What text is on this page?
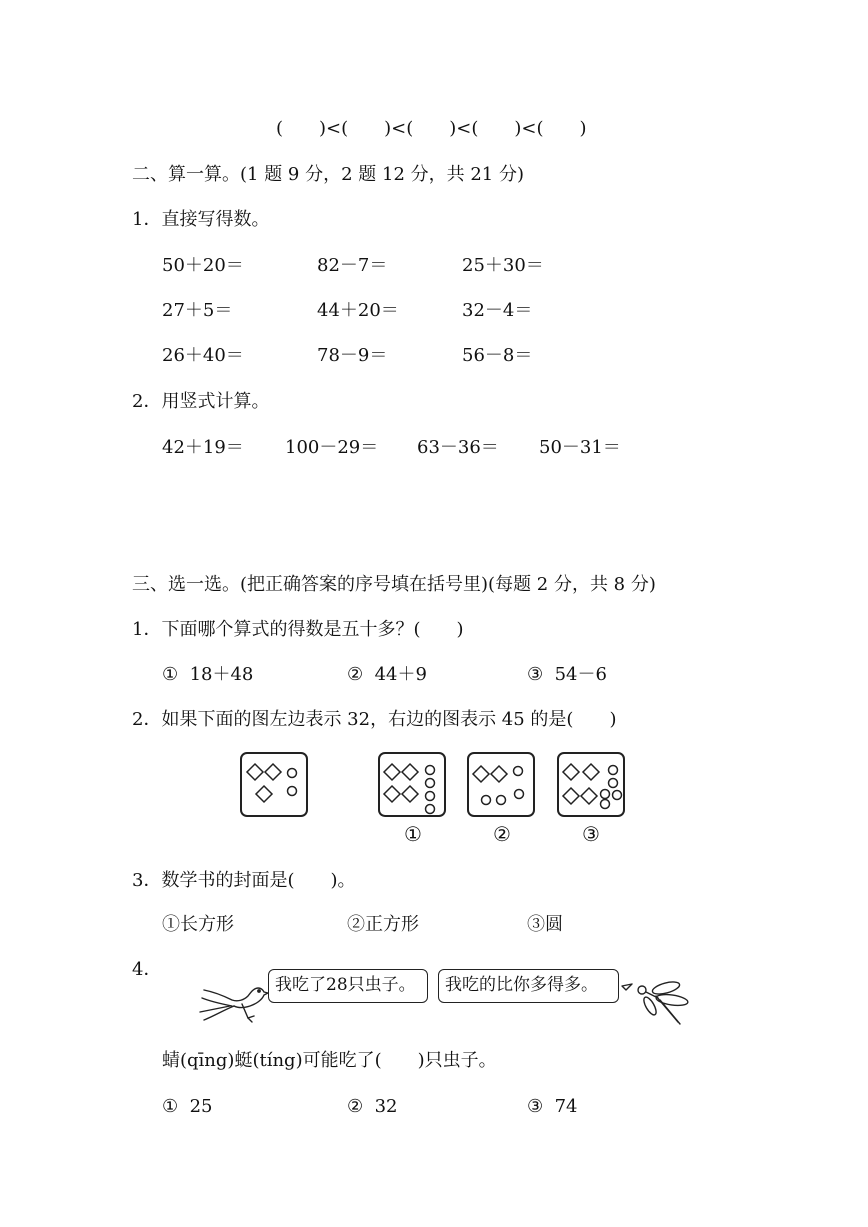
(　　)<(　　)<(　　)<(　　)<(　　)
二、算一算。(1 题 9 分，2 题 12 分，共 21 分)
1．直接写得数。
50＋20＝	82－7＝	25＋30＝
27＋5＝	44＋20＝	32－4＝
26＋40＝	78－9＝	56－8＝
2．用竖式计算。
42＋19＝ 100－29＝ 63－36＝ 50－31＝
三、选一选。(把正确答案的序号填在括号里)(每题 2 分，共 8 分)
1．下面哪个算式的得数是五十多？(　　)
①  18＋48	②  44＋9	③  54－6
2．如果下面的图左边表示 32，右边的图表示 45 的是(　　)
①	②	③
3．数学书的封面是(　　)。
①长方形	②正方形	③圆
4．
我吃了28只虫子。	我吃的比你多得多。
蜻(qīng)蜓(tíng)可能吃了(　　)只虫子。
①  25	②  32	③  74
